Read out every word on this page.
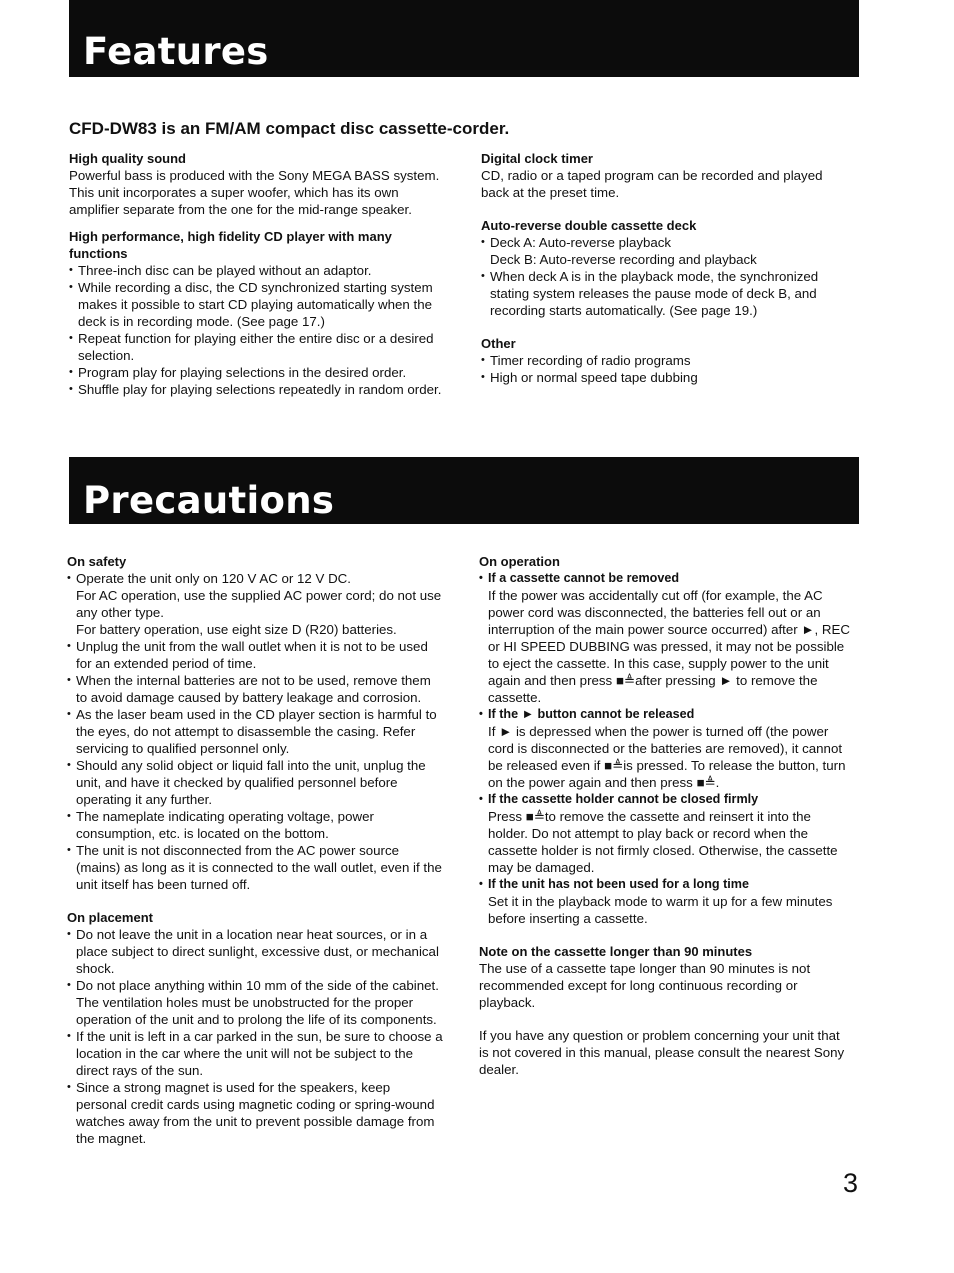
Features
CFD-DW83 is an FM/AM compact disc cassette-corder.
High quality sound

Powerful bass is produced with the Sony MEGA BASS system.

This unit incorporates a super woofer, which has its own amplifier separate from the one for the mid-range speaker.

High performance, high fidelity CD player with many functions
• Three-inch disc can be played without an adaptor.
• While recording a disc, the CD synchronized starting system makes it possible to start CD playing automatically when the deck is in recording mode. (See page 17.)
• Repeat function for playing either the entire disc or a desired selection.
• Program play for playing selections in the desired order.
• Shuffle play for playing selections repeatedly in random order.
Digital clock timer

CD, radio or a taped program can be recorded and played back at the preset time.

Auto-reverse double cassette deck
• Deck A: Auto-reverse playback
Deck B: Auto-reverse recording and playback
• When deck A is in the playback mode, the synchronized stating system releases the pause mode of deck B, and recording starts automatically. (See page 19.)
Other
• Timer recording of radio programs
• High or normal speed tape dubbing
Precautions
On safety
• Operate the unit only on 120 V AC or 12 V DC.
For AC operation, use the supplied AC power cord; do not use any other type.
For battery operation, use eight size D (R20) batteries.
• Unplug the unit from the wall outlet when it is not to be used for an extended period of time.
• When the internal batteries are not to be used, remove them to avoid damage caused by battery leakage and corrosion.
• As the laser beam used in the CD player section is harmful to the eyes, do not attempt to disassemble the casing. Refer servicing to qualified personnel only.
• Should any solid object or liquid fall into the unit, unplug the unit, and have it checked by qualified personnel before operating it any further.
• The nameplate indicating operating voltage, power consumption, etc. is located on the bottom.
• The unit is not disconnected from the AC power source (mains) as long as it is connected to the wall outlet, even if the unit itself has been turned off.
On placement
• Do not leave the unit in a location near heat sources, or in a place subject to direct sunlight, excessive dust, or mechanical shock.
• Do not place anything within 10 mm of the side of the cabinet. The ventilation holes must be unobstructed for the proper operation of the unit and to prolong the life of its components.
• If the unit is left in a car parked in the sun, be sure to choose a location in the car where the unit will not be subject to the direct rays of the sun.
• Since a strong magnet is used for the speakers, keep personal credit cards using magnetic coding or spring-wound watches away from the unit to prevent possible damage from the magnet.
On operation
• If a cassette cannot be removed

If the power was accidentally cut off (for example, the AC power cord was disconnected, the batteries fell out or an interruption of the main power source occurred) after ►, REC or HI SPEED DUBBING was pressed, it may not be possible to eject the cassette. In this case, supply power to the unit again and then press ■≜after pressing ► to remove the cassette.

• If the ► button cannot be released

If ► is depressed when the power is turned off (the power cord is disconnected or the batteries are removed), it cannot be released even if ■≜is pressed. To release the button, turn on the power again and then press ■≜.

• If the cassette holder cannot be closed firmly

Press ■≜to remove the cassette and reinsert it into the holder. Do not attempt to play back or record when the cassette holder is not firmly closed. Otherwise, the cassette may be damaged.

• If the unit has not been used for a long time

Set it in the playback mode to warm it up for a few minutes before inserting a cassette.

Note on the cassette longer than 90 minutes

The use of a cassette tape longer than 90 minutes is not recommended except for long continuous recording or playback.

If you have any question or problem concerning your unit that is not covered in this manual, please consult the nearest Sony dealer.

3
